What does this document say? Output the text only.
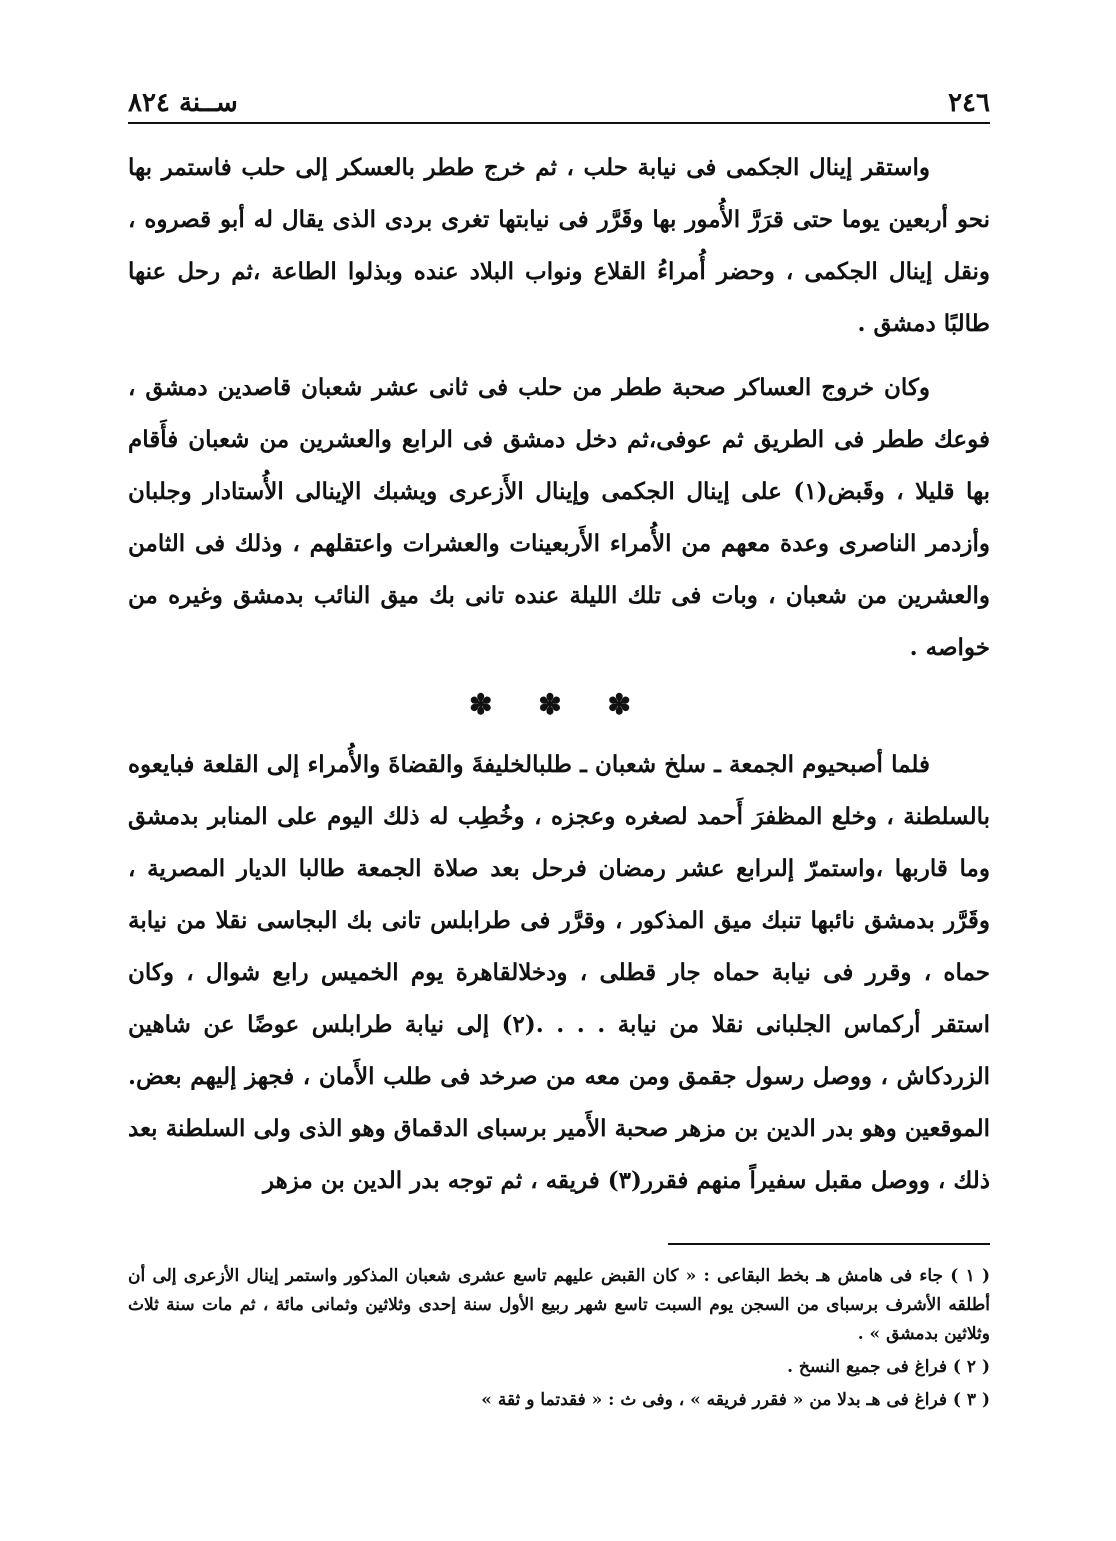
٢٤٦
ســنة ٨٢٤

واستقر إينال الجكمى فى نيابة حلب ، ثم خرج ططر بالعسكر إلى حلب فاستمر بها نحو أربعين يوما حتى قرَرَّ الأُمور بها وقَرَّر فى نيابتها تغرى بردى الذى يقال له أبو قصروه ، ونقل إينال الجكمى ، وحضر أُمراءُ القلاع ونواب البلاد عنده وبذلوا الطاعة ،ثم رحل عنها طالبًا دمشق .

وكان خروج العساكر صحبة ططر من حلب فى ثانى عشر شعبان قاصدين دمشق ، فوعك ططر فى الطريق ثم عوفى،ثم دخل دمشق فى الرابع والعشرين من شعبان فأَقام بها قليلا ، وقَبض(١) على إينال الجكمى وإينال الأَزعرى ويشبك الإينالى الأُستادار وجلبان وأزدمر الناصرى وعدة معهم من الأُمراء الأَربعينات والعشرات واعتقلهم ، وذلك فى الثامن والعشرين من شعبان ، وبات فى تلك الليلة عنده تانى بك ميق النائب بدمشق وغيره من خواصه .

✽ ✽ ✽

فلما أصبحيوم الجمعة ـ سلخ شعبان ـ طلبالخليفةَ والقضاةَ والأُمراء إلى القلعة فبايعوه بالسلطنة ، وخلع المظفرَ أَحمد لصغره وعجزه ، وخُطِب له ذلك اليوم على المنابر بدمشق وما قاربها ،واستمرّ إلىرابع عشر رمضان فرحل بعد صلاة الجمعة طالبا الديار المصرية ، وقَرَّر بدمشق نائبها تنبك ميق المذكور ، وقرَّر فى طرابلس تانى بك البجاسى نقلا من نيابة حماه ، وقرر فى نيابة حماه جار قطلى ، ودخلالقاهرة يوم الخميس رابع شوال ، وكان استقر أركماس الجلبانى نقلا من نيابة . . . .(٢) إلى نيابة طرابلس عوضًا عن شاهين الزردكاش ، ووصل رسول جقمق ومن معه من صرخد فى طلب الأَمان ، فجهز إليهم بعض. الموقعين وهو بدر الدين بن مزهر صحبة الأَمير برسباى الدقماق وهو الذى ولى السلطنة بعد ذلك ، ووصل مقبل سفيراً منهم فقرر(٣) فريقه ، ثم توجه بدر الدين بن مزهر

( ١ ) جاء فى هامش هـ بخط البقاعى : « كان القبض عليهم تاسع عشرى شعبان المذكور واستمر إينال الأزعرى إلى أن أطلقه الأشرف برسباى من السجن يوم السبت تاسع شهر ربيع الأول سنة إحدى وثلاثين وثمانى مائة ، ثم مات سنة ثلاث وثلاثين بدمشق » .

( ٢ ) فراغ فى جميع النسخ .

( ٣ ) فراغ فى هـ بدلا من « فقرر فريقه » ، وفى ث : « فقدتما و ثقة »
